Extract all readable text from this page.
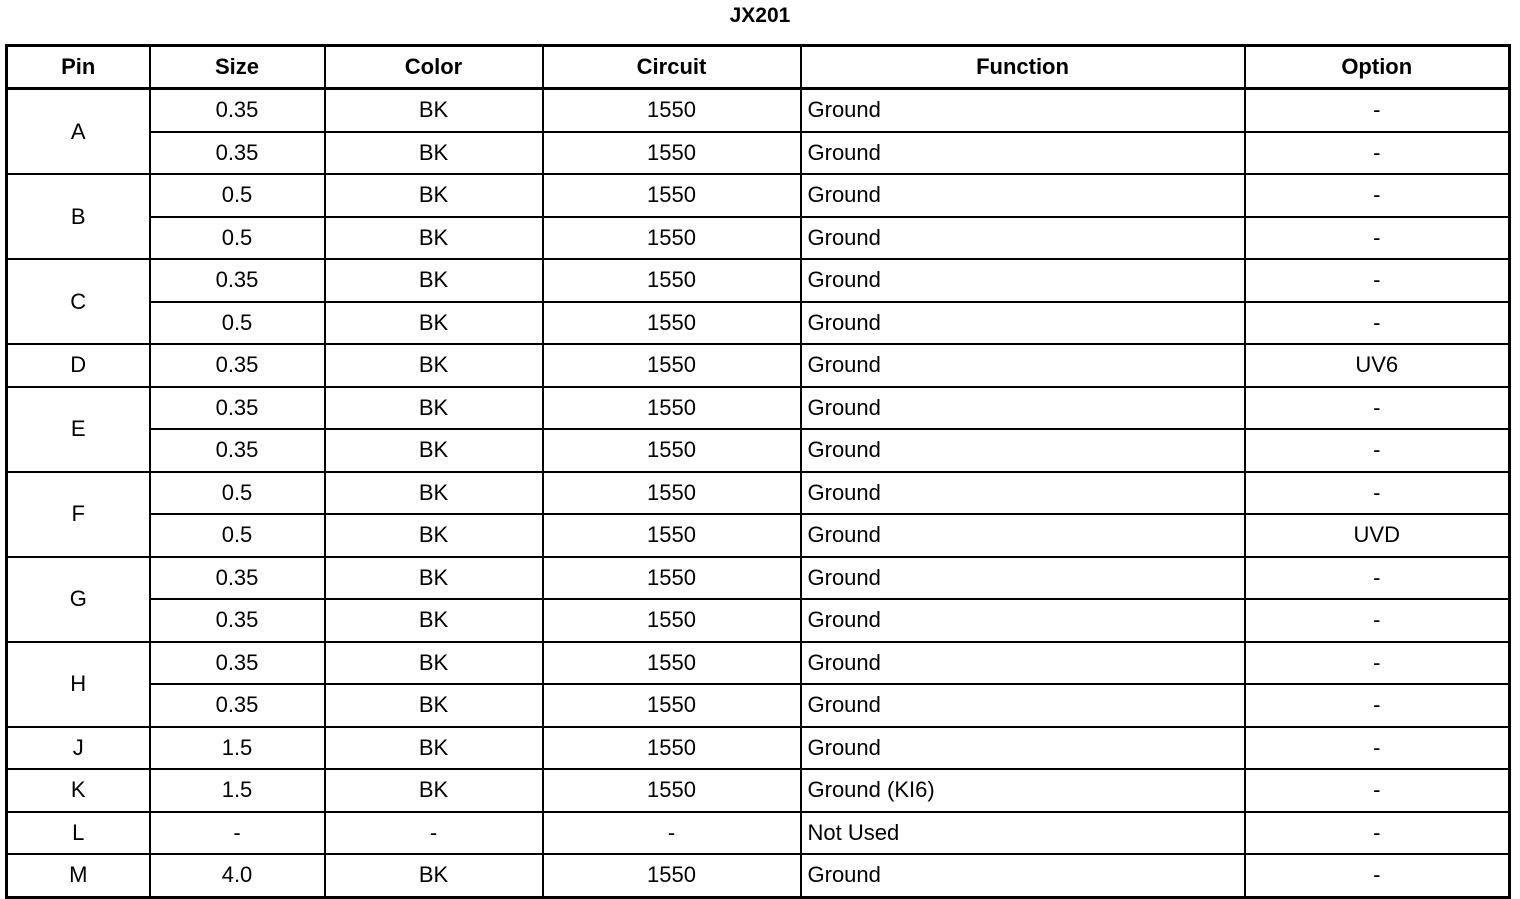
JX201
Pin	Size	Color	Circuit	Function	Option
A	0.35	BK	1550	Ground	-
	0.35	BK	1550	Ground	-
B	0.5	BK	1550	Ground	-
	0.5	BK	1550	Ground	-
C	0.35	BK	1550	Ground	-
	0.5	BK	1550	Ground	-
D	0.35	BK	1550	Ground	UV6
E	0.35	BK	1550	Ground	-
	0.35	BK	1550	Ground	-
F	0.5	BK	1550	Ground	-
	0.5	BK	1550	Ground	UVD
G	0.35	BK	1550	Ground	-
	0.35	BK	1550	Ground	-
H	0.35	BK	1550	Ground	-
	0.35	BK	1550	Ground	-
J	1.5	BK	1550	Ground	-
K	1.5	BK	1550	Ground (KI6)	-
L	-	-	-	Not Used	-
M	4.0	BK	1550	Ground	-
